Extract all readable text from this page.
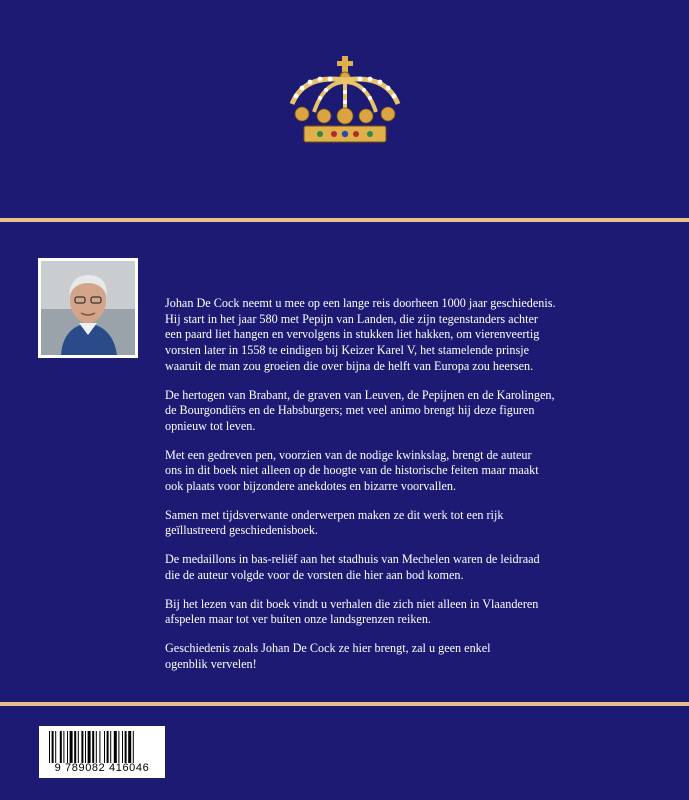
Johan De Cock neemt u mee op een lange reis doorheen 1000 jaar geschiedenis.
Hij start in het jaar 580 met Pepijn van Landen, die zijn tegenstanders achter
een paard liet hangen en vervolgens in stukken liet hakken, om vierenveertig
vorsten later in 1558 te eindigen bij Keizer Karel V, het stamelende prinsje
waaruit de man zou groeien die over bijna de helft van Europa zou heersen.

De hertogen van Brabant, de graven van Leuven, de Pepijnen en de Karolingen,
de Bourgondiërs en de Habsburgers; met veel animo brengt hij deze figuren
opnieuw tot leven.

Met een gedreven pen, voorzien van de nodige kwinkslag, brengt de auteur
ons in dit boek niet alleen op de hoogte van de historische feiten maar maakt
ook plaats voor bijzondere anekdotes en bizarre voorvallen.

Samen met tijdsverwante onderwerpen maken ze dit werk tot een rijk
geïllustreerd geschiedenisboek.

De medaillons in bas-reliëf aan het stadhuis van Mechelen waren de leidraad
die de auteur volgde voor de vorsten die hier aan bod komen.

Bij het lezen van dit boek vindt u verhalen die zich niet alleen in Vlaanderen
afspelen maar tot ver buiten onze landsgrenzen reiken.

Geschiedenis zoals Johan De Cock ze hier brengt, zal u geen enkel
ogenblik vervelen!

9 789082 416046
